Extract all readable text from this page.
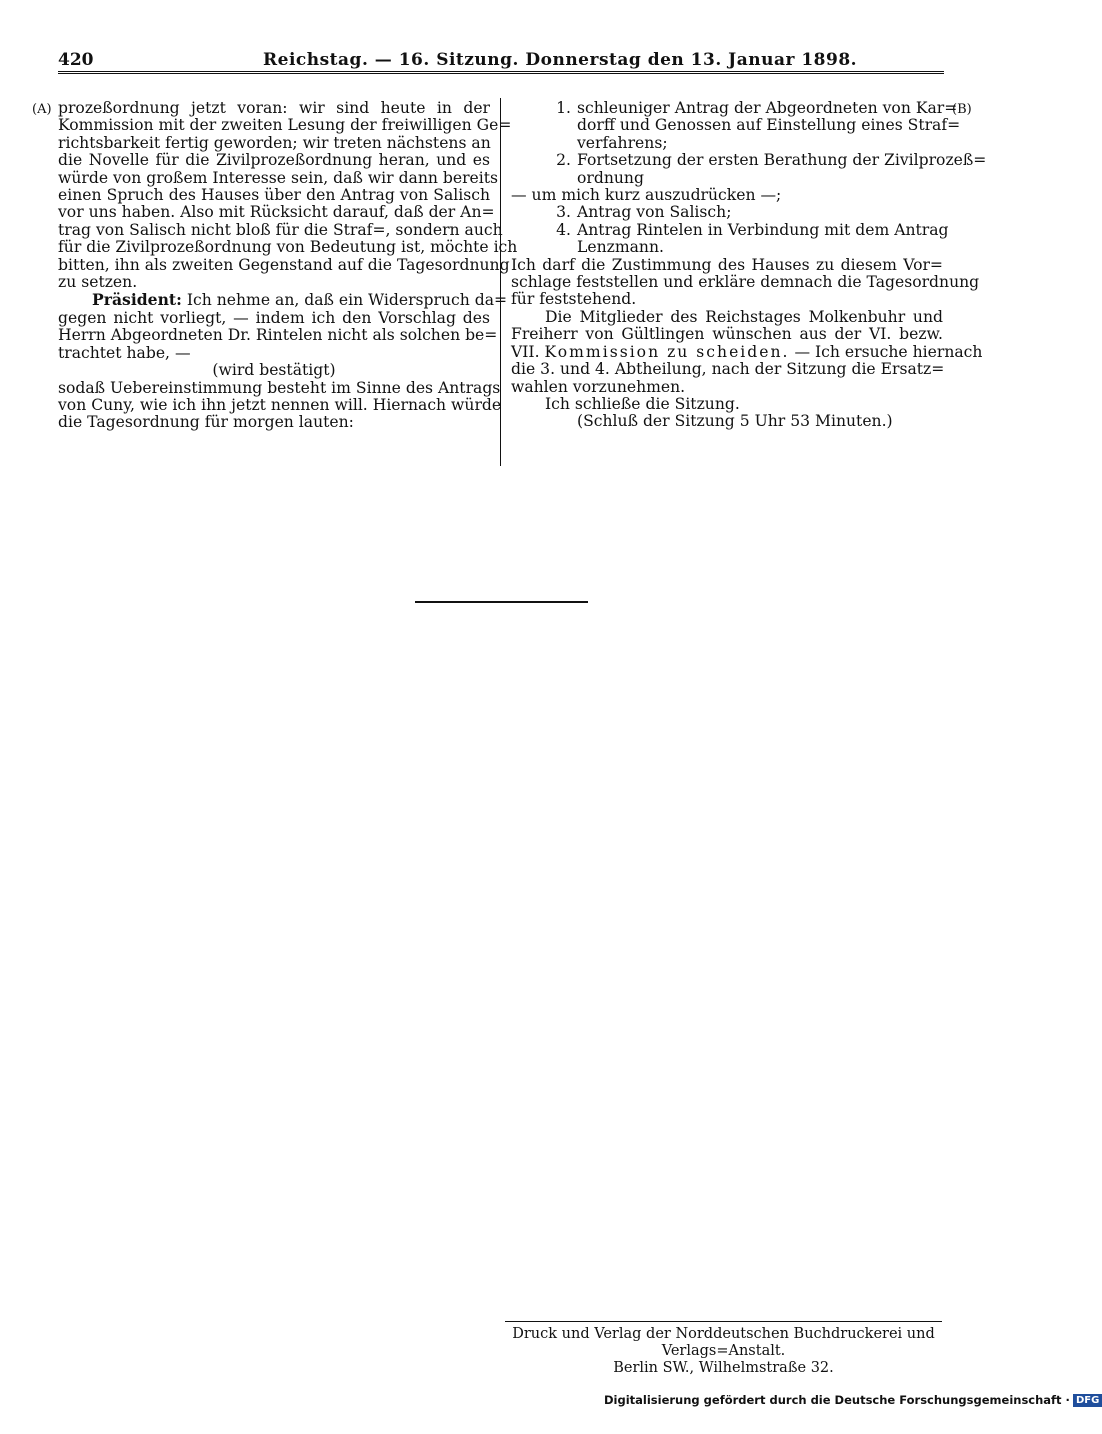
420	Reichstag. — 16. Sitzung. Donnerstag den 13. Januar 1898.
(A)	(B)
prozeßordnung jetzt voran: wir sind heute in der
Kommission mit der zweiten Lesung der freiwilligen Ge=
richtsbarkeit fertig geworden; wir treten nächstens an
die Novelle für die Zivilprozeßordnung heran, und es
würde von großem Interesse sein, daß wir dann bereits
einen Spruch des Hauses über den Antrag von Salisch
vor uns haben. Also mit Rücksicht darauf, daß der An=
trag von Salisch nicht bloß für die Straf=, sondern auch
für die Zivilprozeßordnung von Bedeutung ist, möchte ich
bitten, ihn als zweiten Gegenstand auf die Tagesordnung
zu setzen.
Präsident: Ich nehme an, daß ein Widerspruch da=
gegen nicht vorliegt, — indem ich den Vorschlag des
Herrn Abgeordneten Dr. Rintelen nicht als solchen be=
trachtet habe, —
(wird bestätigt)
sodaß Uebereinstimmung besteht im Sinne des Antrags
von Cuny, wie ich ihn jetzt nennen will. Hiernach würde
die Tagesordnung für morgen lauten:
1. schleuniger Antrag der Abgeordneten von Kar=
dorff und Genossen auf Einstellung eines Straf=
verfahrens;
2. Fortsetzung der ersten Berathung der Zivilprozeß=
ordnung
— um mich kurz auszudrücken —;
3. Antrag von Salisch;
4. Antrag Rintelen in Verbindung mit dem Antrag
Lenzmann.
Ich darf die Zustimmung des Hauses zu diesem Vor=
schlage feststellen und erkläre demnach die Tagesordnung
für feststehend.
Die Mitglieder des Reichstages Molkenbuhr und
Freiherr von Gültlingen wünschen aus der VI. bezw.
VII. Kommission zu scheiden. — Ich ersuche hiernach
die 3. und 4. Abtheilung, nach der Sitzung die Ersatz=
wahlen vorzunehmen.
Ich schließe die Sitzung.
(Schluß der Sitzung 5 Uhr 53 Minuten.)
Druck und Verlag der Norddeutschen Buchdruckerei und Verlags=Anstalt.
Berlin SW., Wilhelmstraße 32.
Digitalisierung gefördert durch die Deutsche Forschungsgemeinschaft · DFG
